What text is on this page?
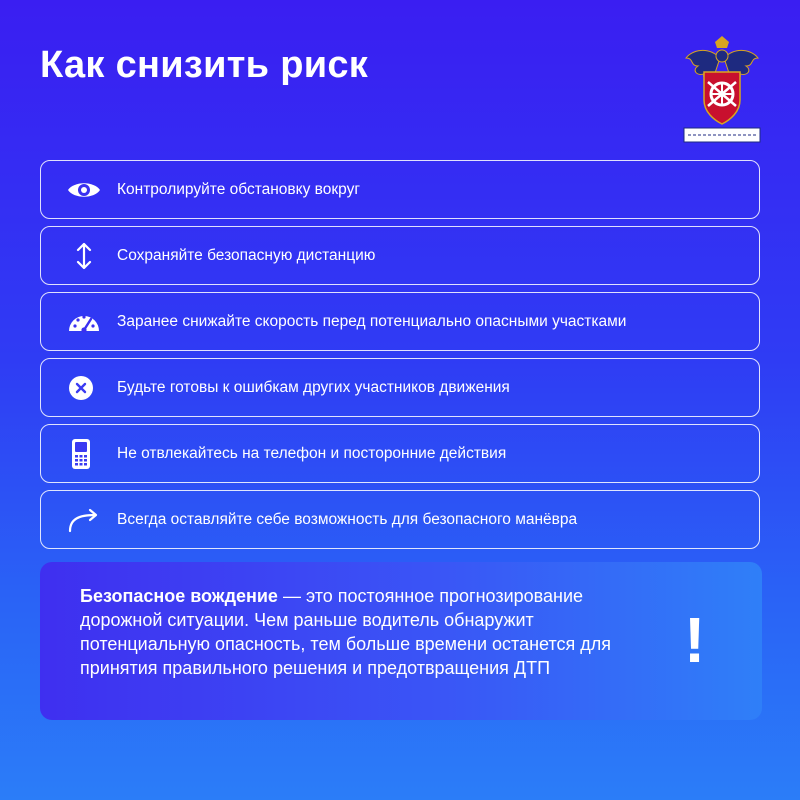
Как снизить риск
Контролируйте обстановку вокруг
Сохраняйте безопасную дистанцию
Заранее снижайте скорость перед потенциально опасными участками
Будьте готовы к ошибкам других участников движения
Не отвлекайтесь на телефон и посторонние действия
Всегда оставляйте себе возможность для безопасного манёвра

Безопасное вождение — это постоянное прогнозирование дорожной ситуации. Чем раньше водитель обнаружит потенциальную опасность, тем больше времени останется для принятия правильного решения и предотвращения ДТП	!
